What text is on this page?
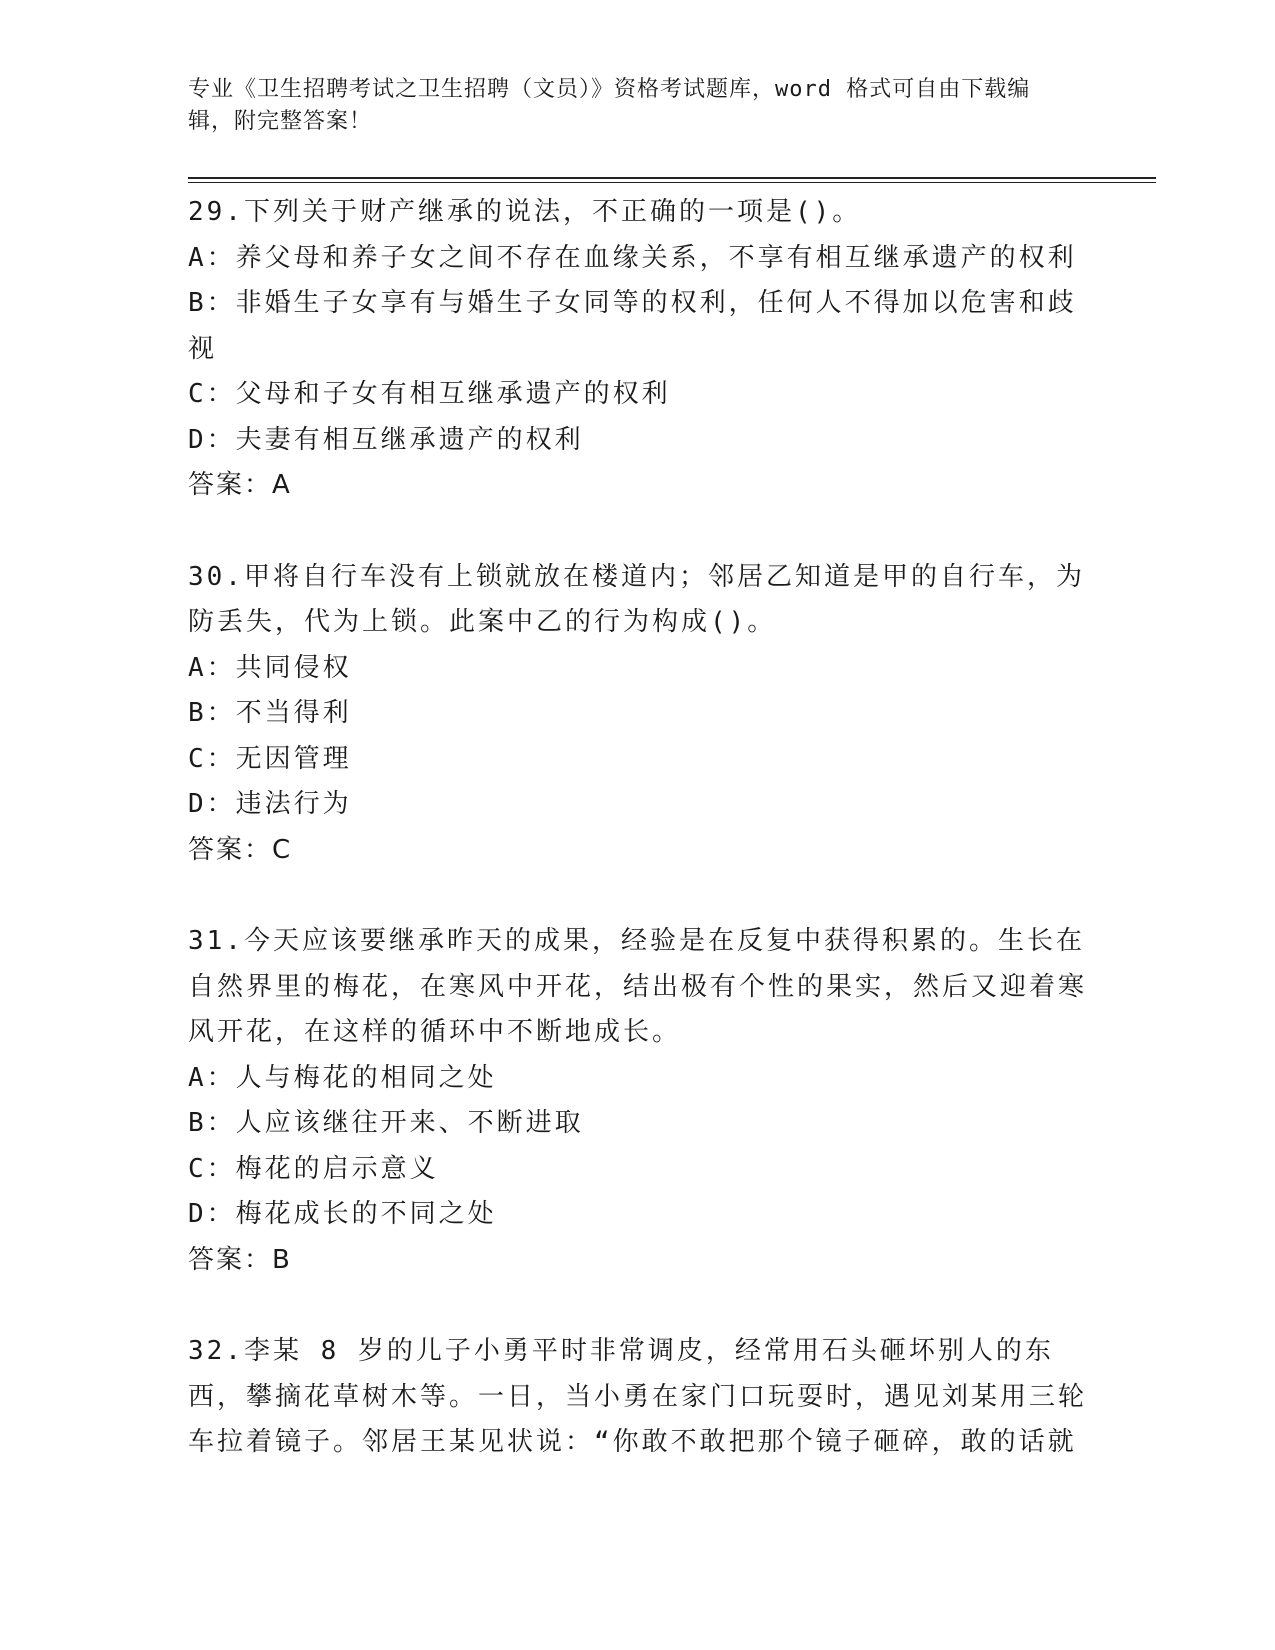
专业《卫生招聘考试之卫生招聘（文员）》资格考试题库，word 格式可自由下载编辑，附完整答案！

29.下列关于财产继承的说法，不正确的一项是()。

A：养父母和养子女之间不存在血缘关系，不享有相互继承遗产的权利

B：非婚生子女享有与婚生子女同等的权利，任何人不得加以危害和歧视

C：父母和子女有相互继承遗产的权利

D：夫妻有相互继承遗产的权利

答案：A

30.甲将自行车没有上锁就放在楼道内；邻居乙知道是甲的自行车，为防丢失，代为上锁。此案中乙的行为构成()。

A：共同侵权

B：不当得利

C：无因管理

D：违法行为

答案：C

31.今天应该要继承昨天的成果，经验是在反复中获得积累的。生长在自然界里的梅花，在寒风中开花，结出极有个性的果实，然后又迎着寒风开花，在这样的循环中不断地成长。

A：人与梅花的相同之处

B：人应该继往开来、不断进取

C：梅花的启示意义

D：梅花成长的不同之处

答案：B

32.李某 8 岁的儿子小勇平时非常调皮，经常用石头砸坏别人的东西，攀摘花草树木等。一日，当小勇在家门口玩耍时，遇见刘某用三轮车拉着镜子。邻居王某见状说：“你敢不敢把那个镜子砸碎，敢的话就
